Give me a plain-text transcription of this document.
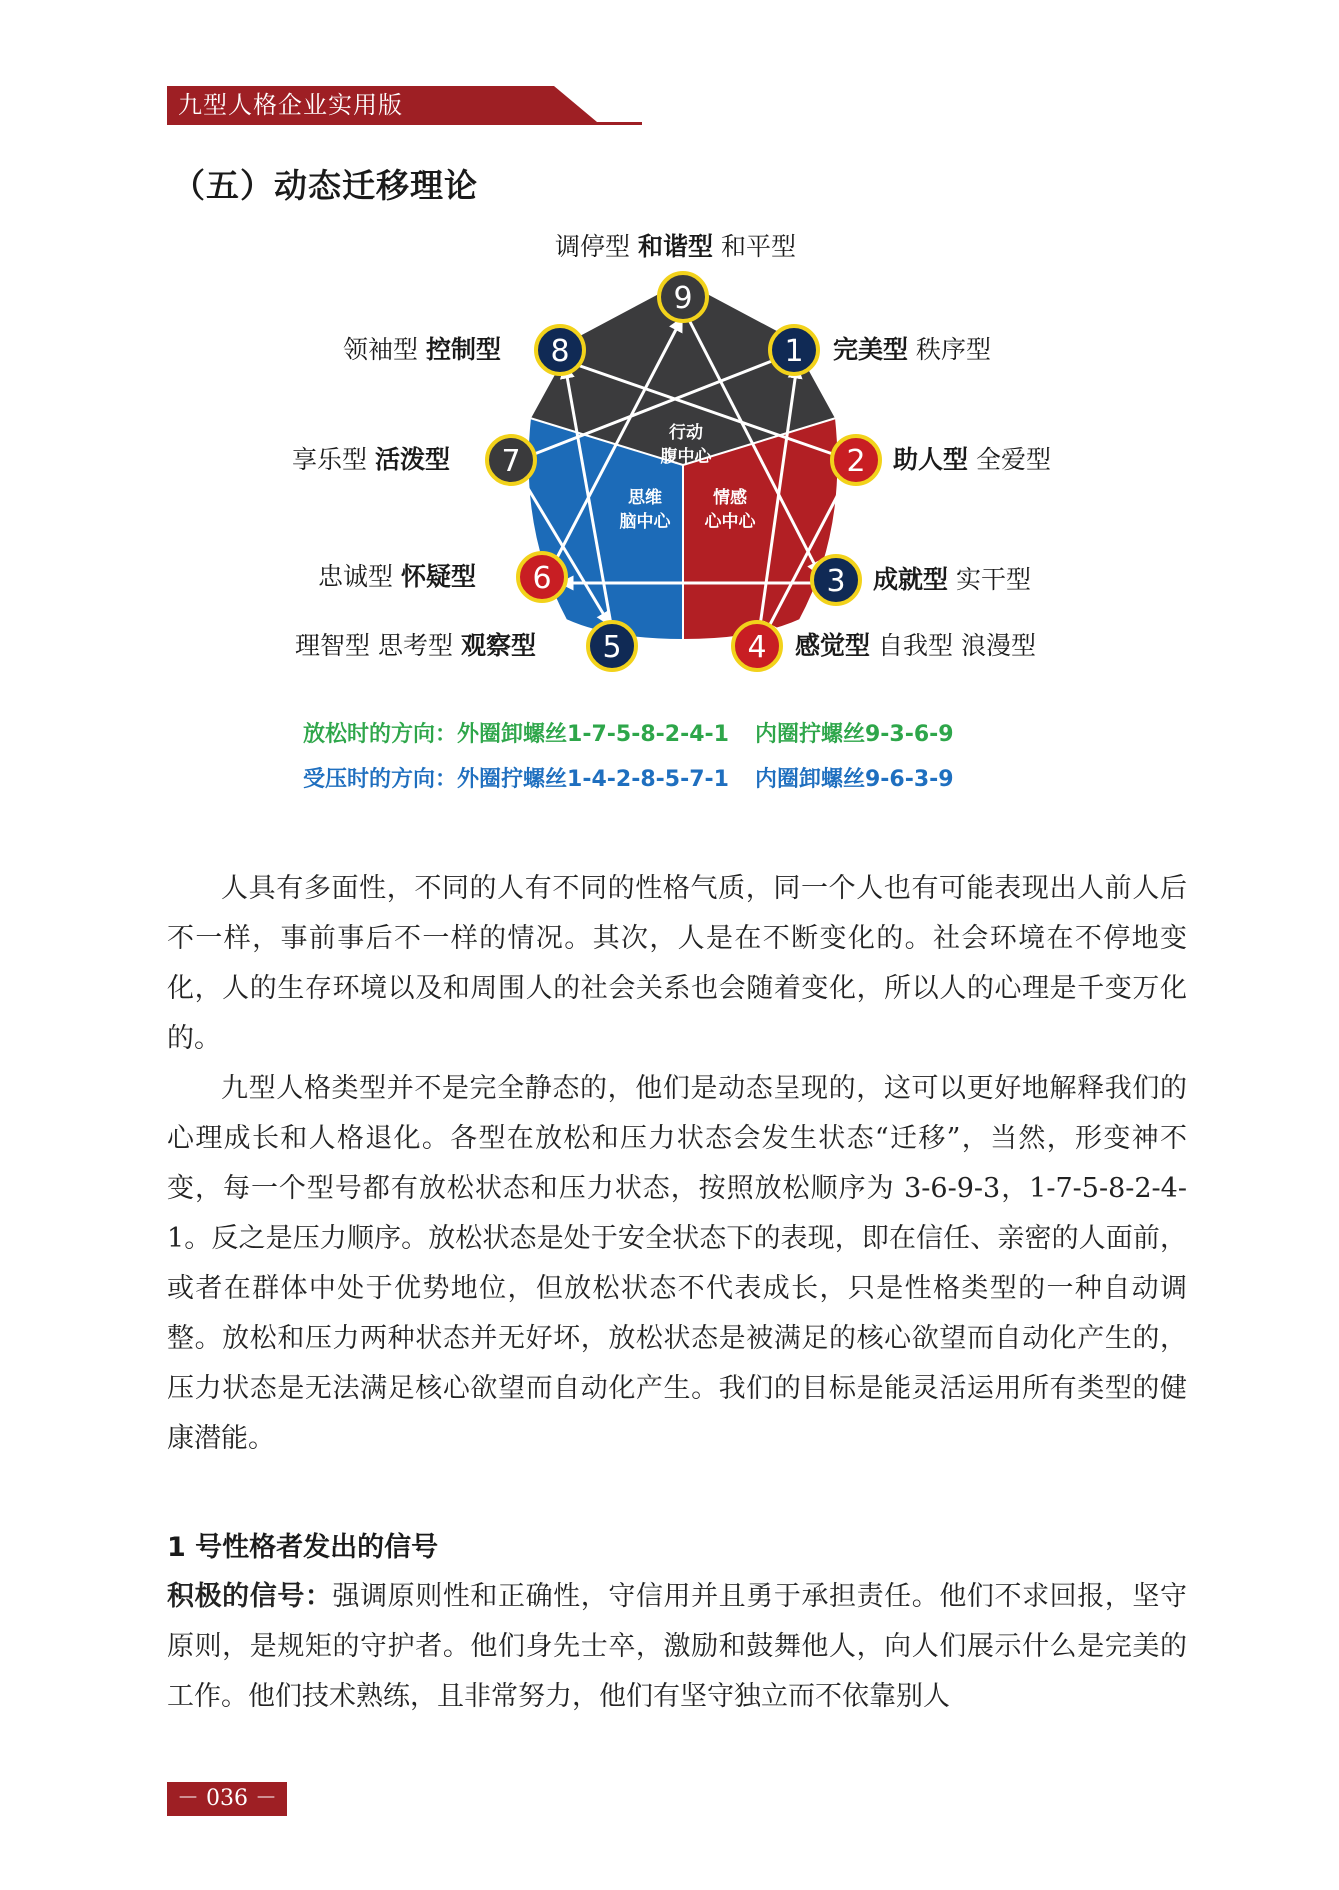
九型人格企业实用版
（五）动态迁移理论
9
1
2
3
4
5
6
7
8
行动
腹中心
思维
脑中心
情感
心中心
调停型 和谐型 和平型
完美型 秩序型
助人型 全爱型
成就型 实干型
感觉型 自我型 浪漫型
理智型 思考型 观察型
忠诚型 怀疑型
享乐型 活泼型
领袖型 控制型
放松时的方向：外圈卸螺丝1-7-5-8-2-4-1 内圈拧螺丝9-3-6-9
受压时的方向：外圈拧螺丝1-4-2-8-5-7-1 内圈卸螺丝9-6-3-9
人具有多面性，不同的人有不同的性格气质，同一个人也有可能表现出人前人后不一样，事前事后不一样的情况。其次，人是在不断变化的。社会环境在不停地变化，人的生存环境以及和周围人的社会关系也会随着变化，所以人的心理是千变万化的。
九型人格类型并不是完全静态的，他们是动态呈现的，这可以更好地解释我们的心理成长和人格退化。各型在放松和压力状态会发生状态“迁移”，当然，形变神不变，每一个型号都有放松状态和压力状态，按照放松顺序为 3-6-9-3，1-7-5-8-2-4-1。反之是压力顺序。放松状态是处于安全状态下的表现，即在信任、亲密的人面前，或者在群体中处于优势地位，但放松状态不代表成长，只是性格类型的一种自动调整。放松和压力两种状态并无好坏，放松状态是被满足的核心欲望而自动化产生的，压力状态是无法满足核心欲望而自动化产生。我们的目标是能灵活运用所有类型的健康潜能。
1 号性格者发出的信号
积极的信号：强调原则性和正确性，守信用并且勇于承担责任。他们不求回报，坚守原则，是规矩的守护者。他们身先士卒，激励和鼓舞他人，向人们展示什么是完美的工作。他们技术熟练，且非常努力，他们有坚守独立而不依靠别人
－ 036 －
